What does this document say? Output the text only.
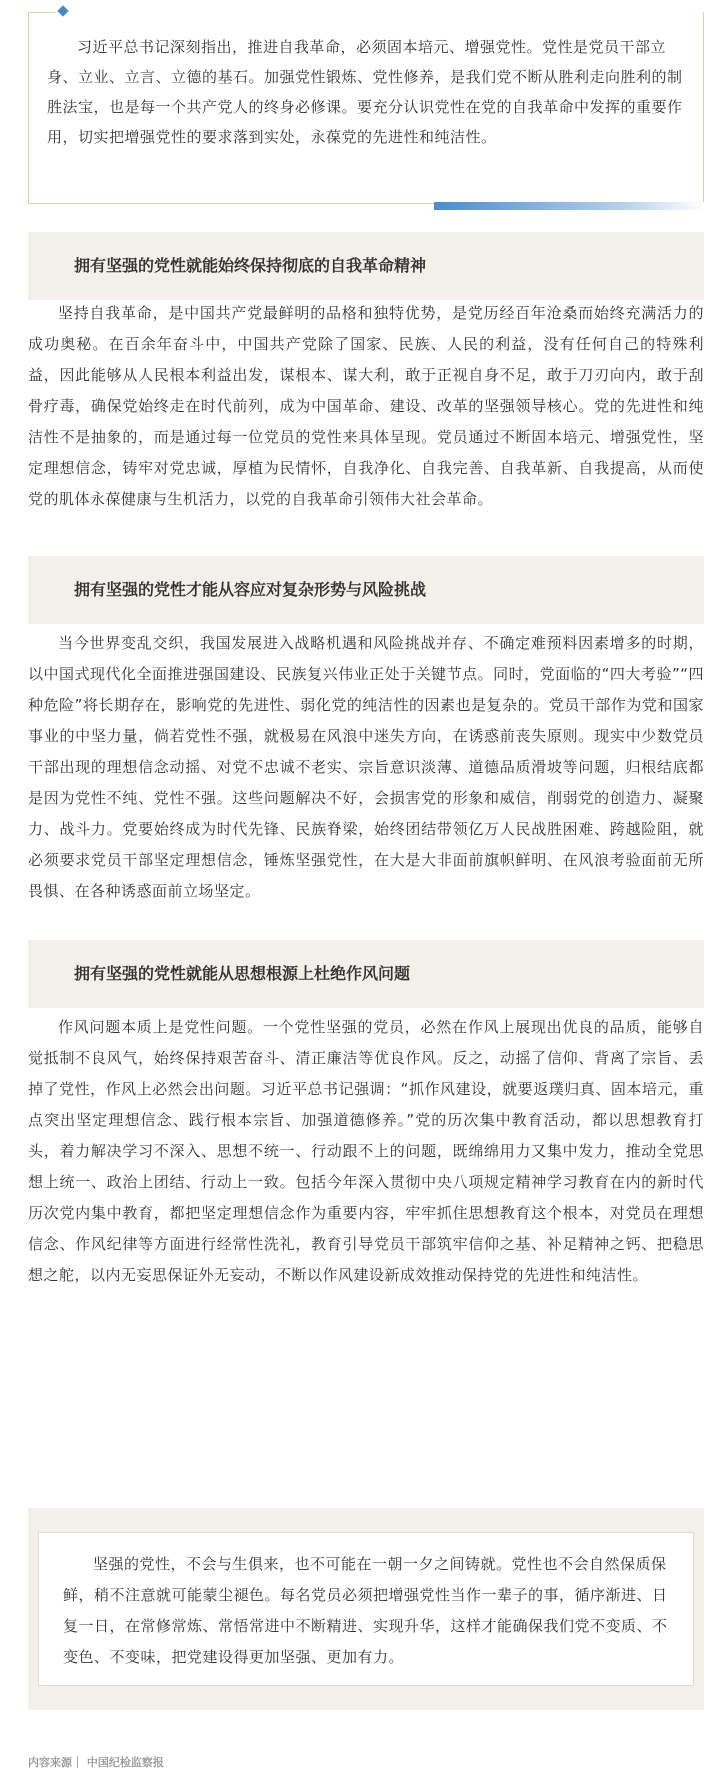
习近平总书记深刻指出，推进自我革命，必须固本培元、增强党性。党性是党员干部立身、立业、立言、立德的基石。加强党性锻炼、党性修养，是我们党不断从胜利走向胜利的制胜法宝，也是每一个共产党人的终身必修课。要充分认识党性在党的自我革命中发挥的重要作用，切实把增强党性的要求落到实处，永葆党的先进性和纯洁性。

拥有坚强的党性就能始终保持彻底的自我革命精神

坚持自我革命，是中国共产党最鲜明的品格和独特优势，是党历经百年沧桑而始终充满活力的成功奥秘。在百余年奋斗中，中国共产党除了国家、民族、人民的利益，没有任何自己的特殊利益，因此能够从人民根本利益出发，谋根本、谋大利，敢于正视自身不足，敢于刀刃向内，敢于刮骨疗毒，确保党始终走在时代前列，成为中国革命、建设、改革的坚强领导核心。党的先进性和纯洁性不是抽象的，而是通过每一位党员的党性来具体呈现。党员通过不断固本培元、增强党性，坚定理想信念，铸牢对党忠诚，厚植为民情怀，自我净化、自我完善、自我革新、自我提高，从而使党的肌体永葆健康与生机活力，以党的自我革命引领伟大社会革命。

拥有坚强的党性才能从容应对复杂形势与风险挑战

当今世界变乱交织，我国发展进入战略机遇和风险挑战并存、不确定难预料因素增多的时期，以中国式现代化全面推进强国建设、民族复兴伟业正处于关键节点。同时，党面临的“四大考验”“四种危险”将长期存在，影响党的先进性、弱化党的纯洁性的因素也是复杂的。党员干部作为党和国家事业的中坚力量，倘若党性不强，就极易在风浪中迷失方向，在诱惑前丧失原则。现实中少数党员干部出现的理想信念动摇、对党不忠诚不老实、宗旨意识淡薄、道德品质滑坡等问题，归根结底都是因为党性不纯、党性不强。这些问题解决不好，会损害党的形象和威信，削弱党的创造力、凝聚力、战斗力。党要始终成为时代先锋、民族脊梁，始终团结带领亿万人民战胜困难、跨越险阻，就必须要求党员干部坚定理想信念，锤炼坚强党性，在大是大非面前旗帜鲜明、在风浪考验面前无所畏惧、在各种诱惑面前立场坚定。

拥有坚强的党性就能从思想根源上杜绝作风问题

作风问题本质上是党性问题。一个党性坚强的党员，必然在作风上展现出优良的品质，能够自觉抵制不良风气，始终保持艰苦奋斗、清正廉洁等优良作风。反之，动摇了信仰、背离了宗旨、丢掉了党性，作风上必然会出问题。习近平总书记强调：“抓作风建设，就要返璞归真、固本培元，重点突出坚定理想信念、践行根本宗旨、加强道德修养。”党的历次集中教育活动，都以思想教育打头，着力解决学习不深入、思想不统一、行动跟不上的问题，既绵绵用力又集中发力，推动全党思想上统一、政治上团结、行动上一致。包括今年深入贯彻中央八项规定精神学习教育在内的新时代历次党内集中教育，都把坚定理想信念作为重要内容，牢牢抓住思想教育这个根本，对党员在理想信念、作风纪律等方面进行经常性洗礼，教育引导党员干部筑牢信仰之基、补足精神之钙、把稳思想之舵，以内无妄思保证外无妄动，不断以作风建设新成效推动保持党的先进性和纯洁性。

坚强的党性，不会与生俱来，也不可能在一朝一夕之间铸就。党性也不会自然保质保鲜，稍不注意就可能蒙尘褪色。每名党员必须把增强党性当作一辈子的事，循序渐进、日复一日，在常修常炼、常悟常进中不断精进、实现升华，这样才能确保我们党不变质、不变色、不变味，把党建设得更加坚强、更加有力。

内容来源｜ 中国纪检监察报
